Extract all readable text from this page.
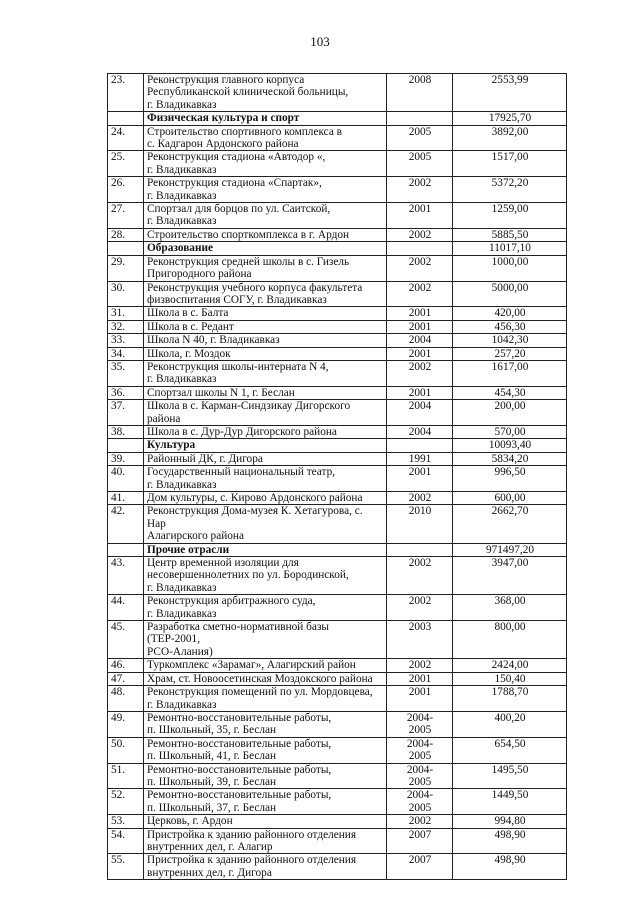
103
23.	Реконструкция главного корпуса
Республиканской клинической больницы,
г. Владикавказ	2008	2553,99

	Физическая культура и спорт		17925,70

24.	Строительство спортивного комплекса в
с. Кадгарон Ардонского района	2005	3892,00

25.	Реконструкция стадиона «Автодор «,
г. Владикавказ	2005	1517,00

26.	Реконструкция стадиона «Спартак»,
г. Владикавказ	2002	5372,20

27.	Спортзал для борцов по ул. Саитской,
г. Владикавказ	2001	1259,00

28.	Строительство спорткомплекса в г. Ардон	2002	5885,50

	Образование		11017,10

29.	Реконструкция средней школы в с. Гизель
Пригородного района	2002	1000,00

30.	Реконструкция учебного корпуса факультета
физвоспитания СОГУ, г. Владикавказ	2002	5000,00

31.	Школа в с. Балта	2001	420,00

32.	Школа в с. Редант	2001	456,30

33.	Школа N 40, г. Владикавказ	2004	1042,30

34.	Школа, г. Моздок	2001	257,20

35.	Реконструкция школы-интерната N 4,
г. Владикавказ	2002	1617,00

36.	Спортзал школы N 1, г. Беслан	2001	454,30

37.	Школа в с. Карман-Синдзикау Дигорского района	2004	200,00

38.	Школа в с. Дур-Дур Дигорского района	2004	570,00

	Культура		10093,40

39.	Районный ДК, г. Дигора	1991	5834,20

40.	Государственный национальный театр,
г. Владикавказ	2001	996,50

41.	Дом культуры, с. Кирово Ардонского района	2002	600,00

42.	Реконструкция Дома-музея К. Хетагурова, с. Нар
Алагирского района	2010	2662,70

	Прочие отрасли		971497,20

43.	Центр временной изоляции для
несовершеннолетних по ул. Бородинской,
г. Владикавказ	2002	3947,00

44.	Реконструкция арбитражного суда,
г. Владикавказ	2002	368,00

45.	Разработка сметно-нормативной базы (ТЕР-2001,
РСО-Алания)	2003	800,00

46.	Туркомплекс «Зарамаг», Алагирский район	2002	2424,00

47.	Храм, ст. Новоосетинская Моздокского района	2001	150,40

48.	Реконструкция помещений по ул. Мордовцева,
г. Владикавказ	2001	1788,70

49.	Ремонтно-восстановительные работы,
п. Школьный, 35, г. Беслан	2004-
2005	400,20

50.	Ремонтно-восстановительные работы,
п. Школьный, 41, г. Беслан	2004-
2005	654,50

51.	Ремонтно-восстановительные работы,
п. Школьный, 39, г. Беслан	2004-
2005	1495,50

52.	Ремонтно-восстановительные работы,
п. Школьный, 37, г. Беслан	2004-
2005	1449,50

53.	Церковь, г. Ардон	2002	994,80

54.	Пристройка к зданию районного отделения
внутренних дел, г. Алагир	2007	498,90

55.	Пристройка к зданию районного отделения
внутренних дел, г. Дигора	2007	498,90
